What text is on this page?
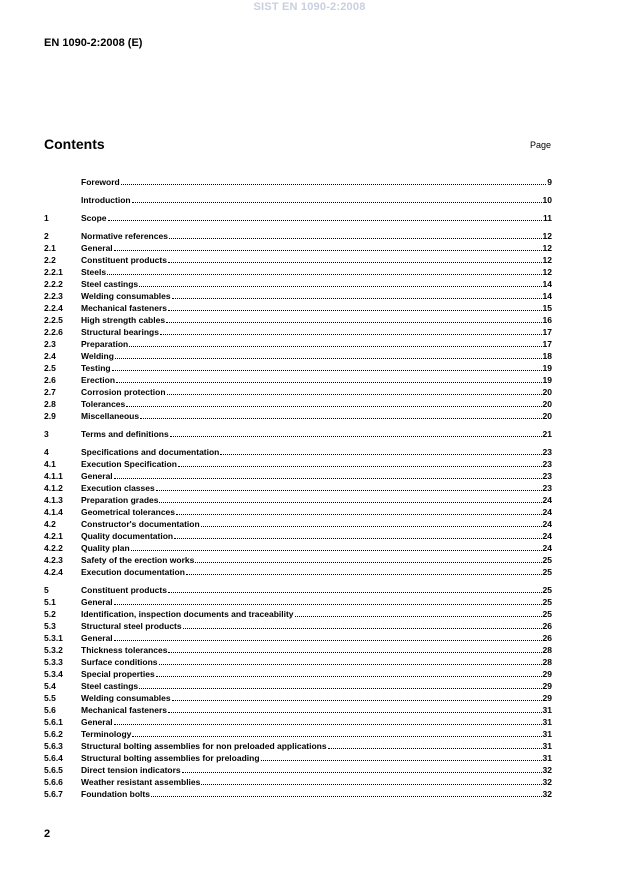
SIST EN 1090-2:2008
EN 1090-2:2008 (E)
Contents	Page
Foreword	9
Introduction	10
1	Scope	11
2	Normative references	12
2.1	General	12
2.2	Constituent products	12
2.2.1	Steels	12
2.2.2	Steel castings	14
2.2.3	Welding consumables	14
2.2.4	Mechanical fasteners	15
2.2.5	High strength cables	16
2.2.6	Structural bearings	17
2.3	Preparation	17
2.4	Welding	18
2.5	Testing	19
2.6	Erection	19
2.7	Corrosion protection	20
2.8	Tolerances	20
2.9	Miscellaneous	20
3	Terms and definitions	21
4	Specifications and documentation	23
4.1	Execution Specification	23
4.1.1	General	23
4.1.2	Execution classes	23
4.1.3	Preparation grades	24
4.1.4	Geometrical tolerances	24
4.2	Constructor's documentation	24
4.2.1	Quality documentation	24
4.2.2	Quality plan	24
4.2.3	Safety of the erection works	25
4.2.4	Execution documentation	25
5	Constituent products	25
5.1	General	25
5.2	Identification, inspection documents and traceability	25
5.3	Structural steel products	26
5.3.1	General	26
5.3.2	Thickness tolerances	28
5.3.3	Surface conditions	28
5.3.4	Special properties	29
5.4	Steel castings	29
5.5	Welding consumables	29
5.6	Mechanical fasteners	31
5.6.1	General	31
5.6.2	Terminology	31
5.6.3	Structural bolting assemblies for non preloaded applications	31
5.6.4	Structural bolting assemblies for preloading	31
5.6.5	Direct tension indicators	32
5.6.6	Weather resistant assemblies	32
5.6.7	Foundation bolts	32
2
